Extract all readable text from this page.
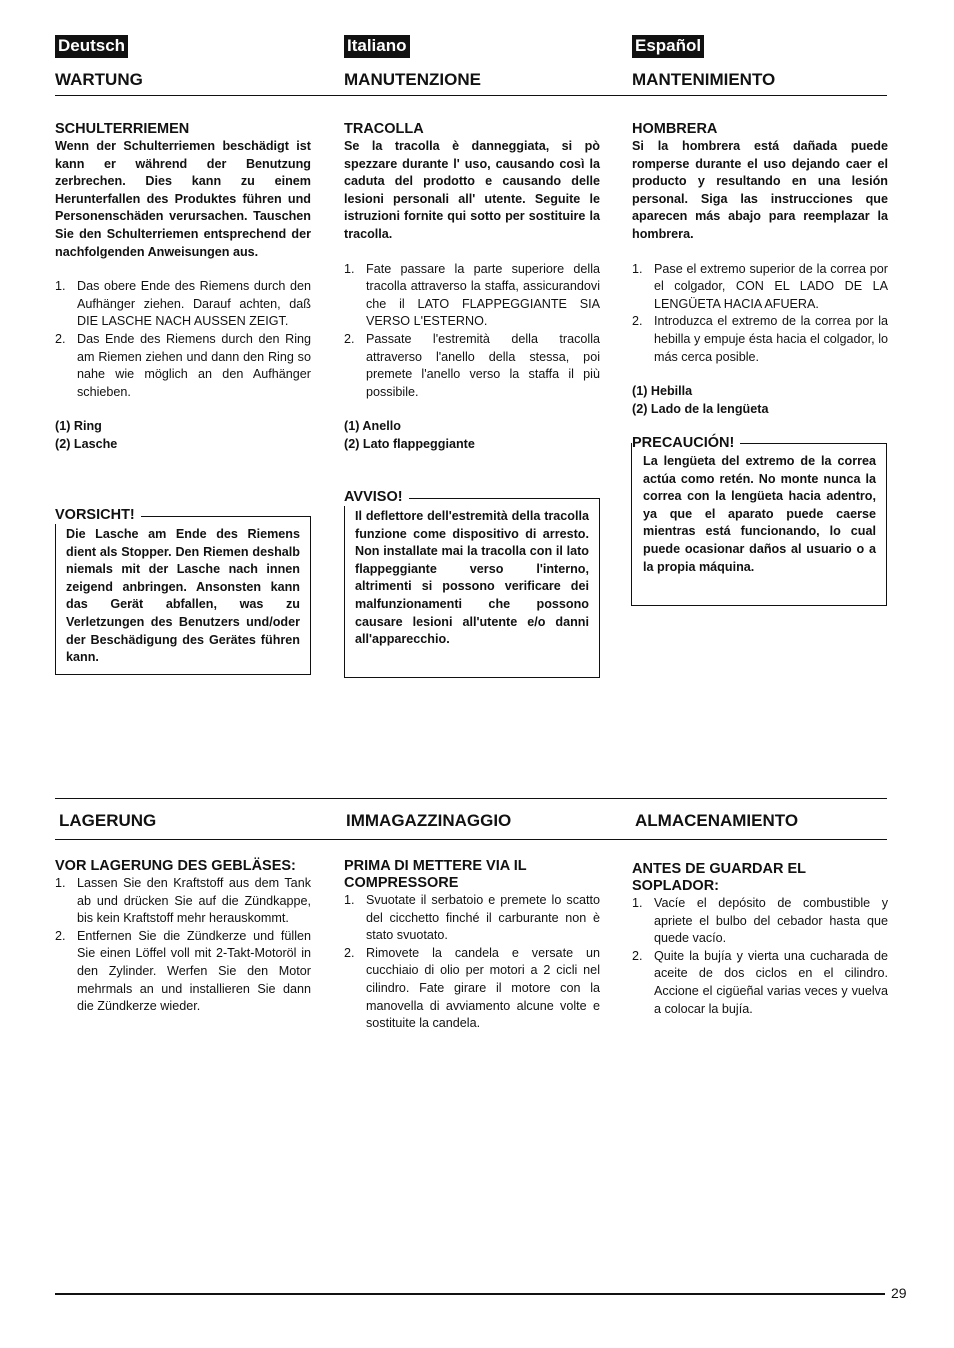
Deutsch	Italiano	Español
WARTUNG	MANUTENZIONE	MANTENIMIENTO

SCHULTERRIEMEN

Wenn der Schulterriemen beschädigt ist kann er während der Benutzung zerbrechen. Dies kann zu einem Herunterfallen des Produktes führen und Personenschäden verursachen. Tauschen Sie den Schulterriemen entsprechend der nachfolgenden Anweisungen aus.

1. Das obere Ende des Riemens durch den Aufhänger ziehen. Darauf achten, daß DIE LASCHE NACH AUSSEN ZEIGT.
2. Das Ende des Riemens durch den Ring am Riemen ziehen und dann den Ring so nahe wie möglich an den Aufhänger schieben.
(1) Ring
(2) Lasche

Die Lasche am Ende des Riemens dient als Stopper. Den Riemen deshalb niemals mit der Lasche nach innen zeigend anbringen. Ansonsten kann das Gerät abfallen, was zu Verletzungen des Benutzers und/oder der Beschädigung des Gerätes führen kann.

VORSICHT!

TRACOLLA

Se la tracolla è danneggiata, si pò spezzare durante l' uso, causando così la caduta del prodotto e causando delle lesioni personali all' utente. Seguite le istruzioni fornite qui sotto per sostituire la tracolla.

1. Fate passare la parte superiore della tracolla attraverso la staffa, assicurandovi che il LATO FLAPPEGGIANTE SIA VERSO L'ESTERNO.
2. Passate l'estremità della tracolla attraverso l'anello della stessa, poi premete l'anello verso la staffa il più possibile.
(1) Anello
(2) Lato flappeggiante

Il deflettore dell'estremità della tracolla funzione come dispositivo di arresto. Non installate mai la tracolla con il lato flappeggiante verso l'interno, altrimenti si possono verificare dei malfunzionamenti che possono causare lesioni all'utente e/o danni all'apparecchio.

AVVISO!

HOMBRERA

Si la hombrera está dañada puede romperse durante el uso dejando caer el producto y resultando en una lesión personal. Siga las instrucciones que aparecen más abajo para reemplazar la hombrera.

1. Pase el extremo superior de la correa por el colgador, CON EL LADO DE LA LENGÜETA HACIA AFUERA.
2. Introduzca el extremo de la correa por la hebilla y empuje ésta hacia el colgador, lo más cerca posible.
(1) Hebilla
(2) Lado de la lengüeta

La lengüeta del extremo de la correa actúa como retén. No monte nunca la correa con la lengüeta hacia adentro, ya que el aparato puede caerse mientras está funcionando, lo cual puede ocasionar daños al usuario o a la propia máquina.

PRECAUCIÓN!
LAGERUNG	IMMAGAZZINAGGIO	ALMACENAMIENTO

VOR LAGERUNG DES GEBLÄSES:

1. Lassen Sie den Kraftstoff aus dem Tank ab und drücken Sie auf die Zündkappe, bis kein Kraftstoff mehr herauskommt.
2. Entfernen Sie die Zündkerze und füllen Sie einen Löffel voll mit 2-Takt-Motoröl in den Zylinder. Werfen Sie den Motor mehrmals an und installieren Sie dann die Zündkerze wieder.

PRIMA DI METTERE VIA IL COMPRESSORE

1. Svuotate il serbatoio e premete lo scatto del cicchetto finché il carburante non è stato svuotato.
2. Rimovete la candela e versate un cucchiaio di olio per motori a 2 cicli nel cilindro. Fate girare il motore con la manovella di avviamento alcune volte e sostituite la candela.

ANTES DE GUARDAR EL SOPLADOR:

1. Vacíe el depósito de combustible y apriete el bulbo del cebador hasta que quede vacío.
2. Quite la bujía y vierta una cucharada de aceite de dos ciclos en el cilindro. Accione el cigüeñal varias veces y vuelva a colocar la bujía.
29
